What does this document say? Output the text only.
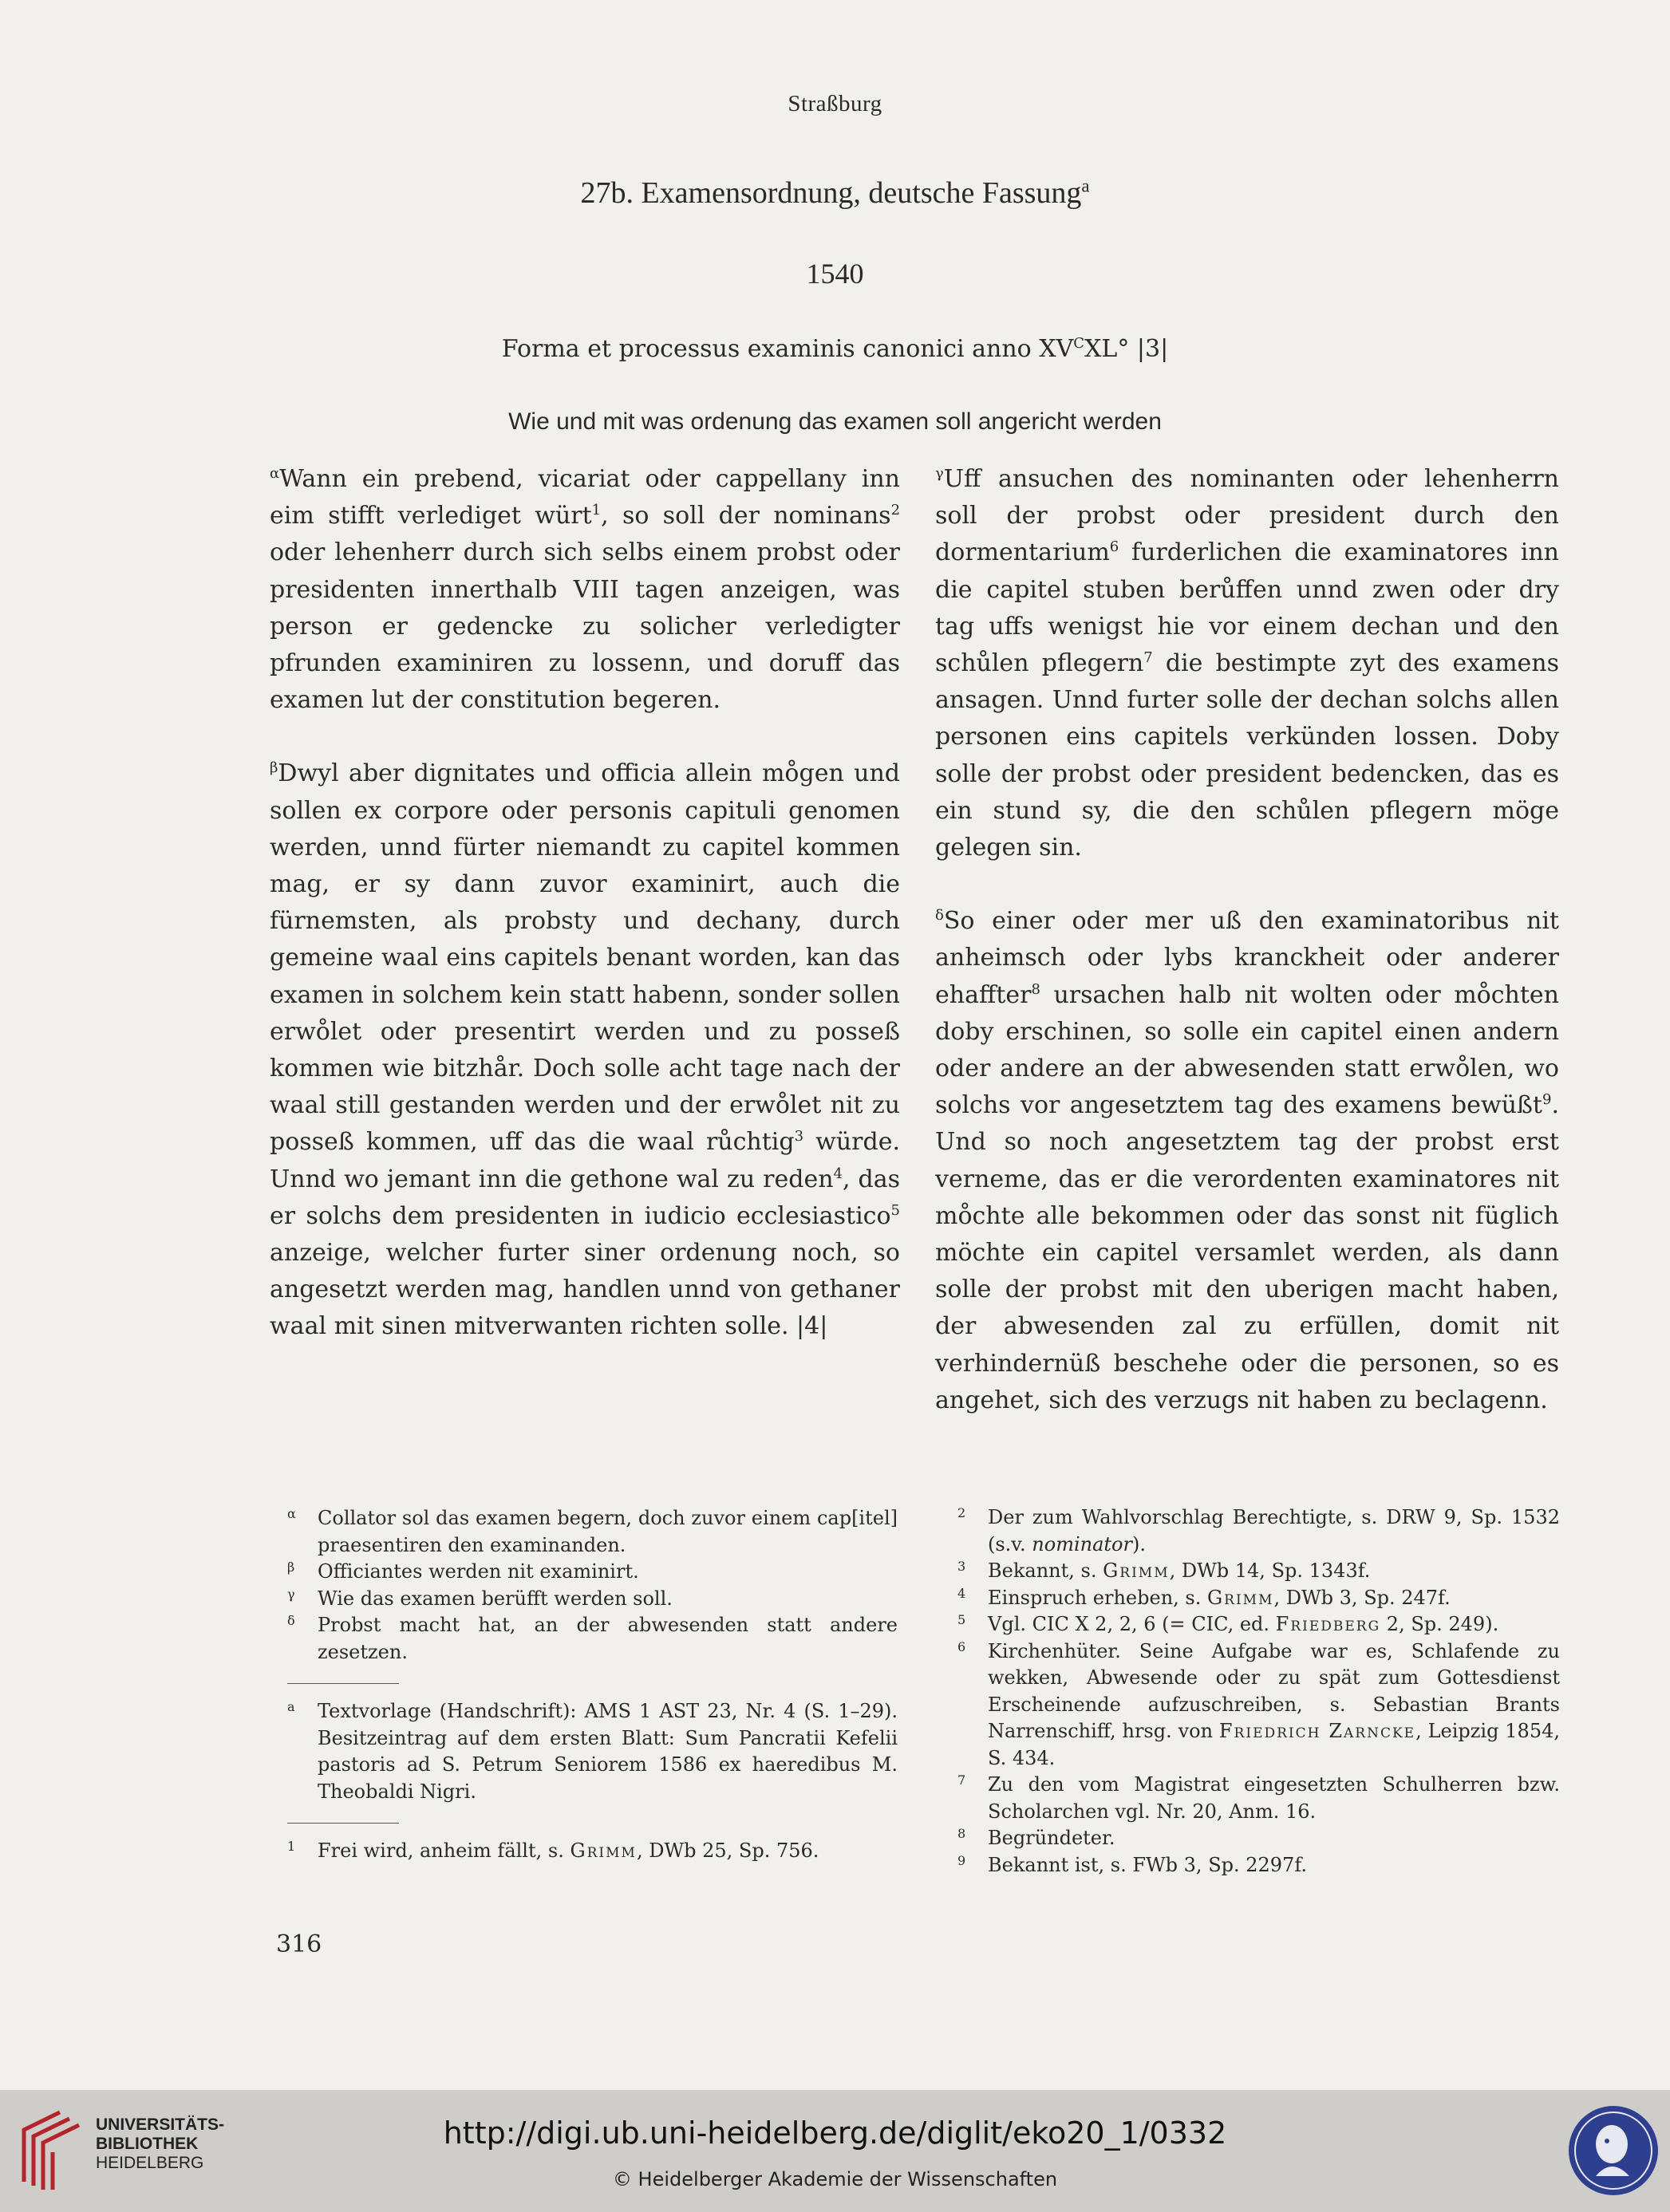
Straßburg
27b. Examensordnung, deutsche Fassung$^a$
1540
Forma et processus examinis canonici anno $XV^CXL^\circ$ |3|
Wie und mit was ordenung das examen soll angericht werden

$^\alpha$Wann ein prebend, vicariat oder cappellany inn eim stifft verlediget würt$^1$, so soll der nominans$^2$ oder lehenherr durch sich selbs einem probst oder presidenten innerthalb VIII tagen anzeigen, was person er gedencke zu solicher verledigter pfrunden examiniren zu lossenn, und doruff das examen lut der constitution begeren.

$^\beta$Dwyl aber dignitates und officia allein mo̊gen und sollen ex corpore oder personis capituli genomen werden, unnd fürter niemandt zu capitel kommen mag, er sy dann zuvor examinirt, auch die fürnemsten, als probsty und dechany, durch gemeine waal eins capitels benant worden, kan das examen in solchem kein statt habenn, sonder sollen erwo̊let oder presentirt werden und zu posseß kommen wie bitzhår. Doch solle acht tage nach der waal still gestanden werden und der erwo̊let nit zu posseß kommen, uff das die waal růchtig$^3$ würde. Unnd wo jemant inn die gethone wal zu reden$^4$, das er solchs dem presidenten in iudicio ecclesiastico$^5$ anzeige, welcher furter siner ordenung noch, so angesetzt werden mag, handlen unnd von gethaner waal mit sinen mitverwanten richten solle. |4|

$^\gamma$Uff ansuchen des nominanten oder lehenherrn soll der probst oder president durch den dormentarium$^6$ furderlichen die examinatores inn die capitel stuben berůffen unnd zwen oder dry tag uffs wenigst hie vor einem dechan und den schůlen pflegern$^7$ die bestimpte zyt des examens ansagen. Unnd furter solle der dechan solchs allen personen eins capitels verkünden lossen. Doby solle der probst oder president bedencken, das es ein stund sy, die den schůlen pflegern möge gelegen sin.

$^\delta$So einer oder mer uß den examinatoribus nit anheimsch oder lybs kranckheit oder anderer ehaffter$^8$ ursachen halb nit wolten oder mo̊chten doby erschinen, so solle ein capitel einen andern oder andere an der abwesenden statt erwo̊len, wo solchs vor angesetztem tag des examens bewüßt$^9$. Und so noch angesetztem tag der probst erst verneme, das er die verordenten examinatores nit mo̊chte alle bekommen oder das sonst nit füglich möchte ein capitel versamlet werden, als dann solle der probst mit den uberigen macht haben, der abwesenden zal zu erfüllen, domit nit verhindernüß beschehe oder die personen, so es angehet, sich des verzugs nit haben zu beclagenn.

α Collator sol das examen begern, doch zuvor einem cap[itel] praesentiren den examinanden.
β Officiantes werden nit examinirt.
γ Wie das examen berüfft werden soll.
δ Probst macht hat, an der abwesenden statt andere zesetzen.
a Textvorlage (Handschrift): AMS 1 AST 23, Nr. 4 (S. 1–29). Besitzeintrag auf dem ersten Blatt: Sum Pancratii Kefelii pastoris ad S. Petrum Seniorem 1586 ex haeredibus M. Theobaldi Nigri.
1 Frei wird, anheim fällt, s. Grimm, DWb 25, Sp. 756.
2 Der zum Wahlvorschlag Berechtigte, s. DRW 9, Sp. 1532 (s.v. nominator).
3 Bekannt, s. Grimm, DWb 14, Sp. 1343f.
4 Einspruch erheben, s. Grimm, DWb 3, Sp. 247f.
5 Vgl. CIC X 2, 2, 6 (= CIC, ed. Friedberg 2, Sp. 249).
6 Kirchenhüter. Seine Aufgabe war es, Schlafende zu wekken, Abwesende oder zu spät zum Gottesdienst Erscheinende aufzuschreiben, s. Sebastian Brants Narrenschiff, hrsg. von Friedrich Zarncke, Leipzig 1854, S. 434.
7 Zu den vom Magistrat eingesetzten Schulherren bzw. Scholarchen vgl. Nr. 20, Anm. 16.
8 Begründeter.
9 Bekannt ist, s. FWb 3, Sp. 2297f.
316
UNIVERSITÄTS-
BIBLIOTHEK
HEIDELBERG
http://digi.ub.uni-heidelberg.de/diglit/eko20_1/0332
© Heidelberger Akademie der Wissenschaften
